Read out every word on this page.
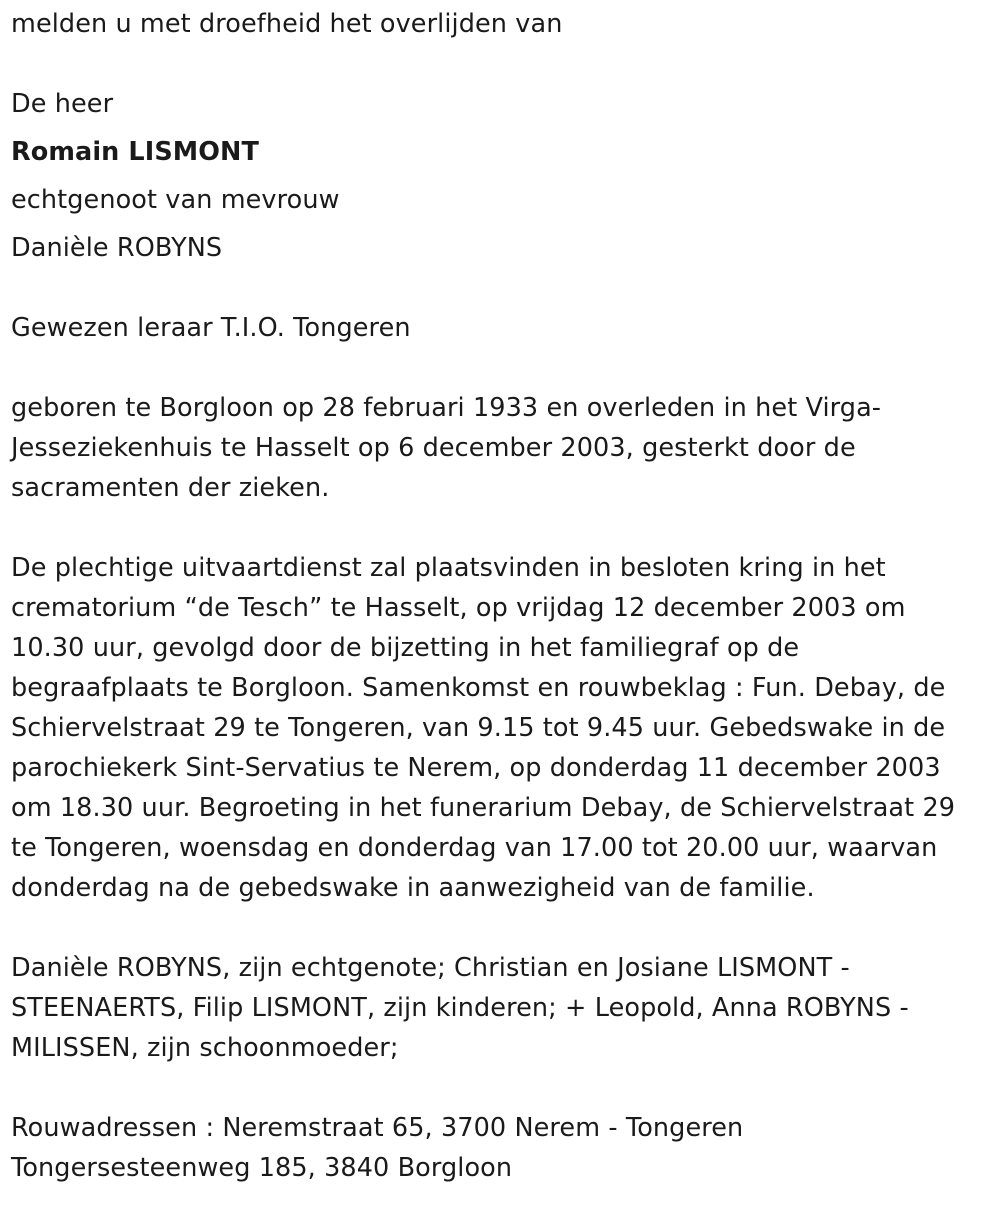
melden u met droefheid het overlijden van
De heer
Romain LISMONT
echtgenoot van mevrouw
Danièle ROBYNS
Gewezen leraar T.I.O. Tongeren
geboren te Borgloon op 28 februari 1933 en overleden in het Virga-
Jesseziekenhuis te Hasselt op 6 december 2003, gesterkt door de
sacramenten der zieken.
De plechtige uitvaartdienst zal plaatsvinden in besloten kring in het
crematorium “de Tesch” te Hasselt, op vrijdag 12 december 2003 om
10.30 uur, gevolgd door de bijzetting in het familiegraf op de
begraafplaats te Borgloon. Samenkomst en rouwbeklag : Fun. Debay, de
Schiervelstraat 29 te Tongeren, van 9.15 tot 9.45 uur. Gebedswake in de
parochiekerk Sint-Servatius te Nerem, op donderdag 11 december 2003
om 18.30 uur. Begroeting in het funerarium Debay, de Schiervelstraat 29
te Tongeren, woensdag en donderdag van 17.00 tot 20.00 uur, waarvan
donderdag na de gebedswake in aanwezigheid van de familie.
Danièle ROBYNS, zijn echtgenote; Christian en Josiane LISMONT -
STEENAERTS, Filip LISMONT, zijn kinderen; + Leopold, Anna ROBYNS -
MILISSEN, zijn schoonmoeder;
Rouwadressen : Neremstraat 65, 3700 Nerem - Tongeren
Tongersesteenweg 185, 3840 Borgloon
